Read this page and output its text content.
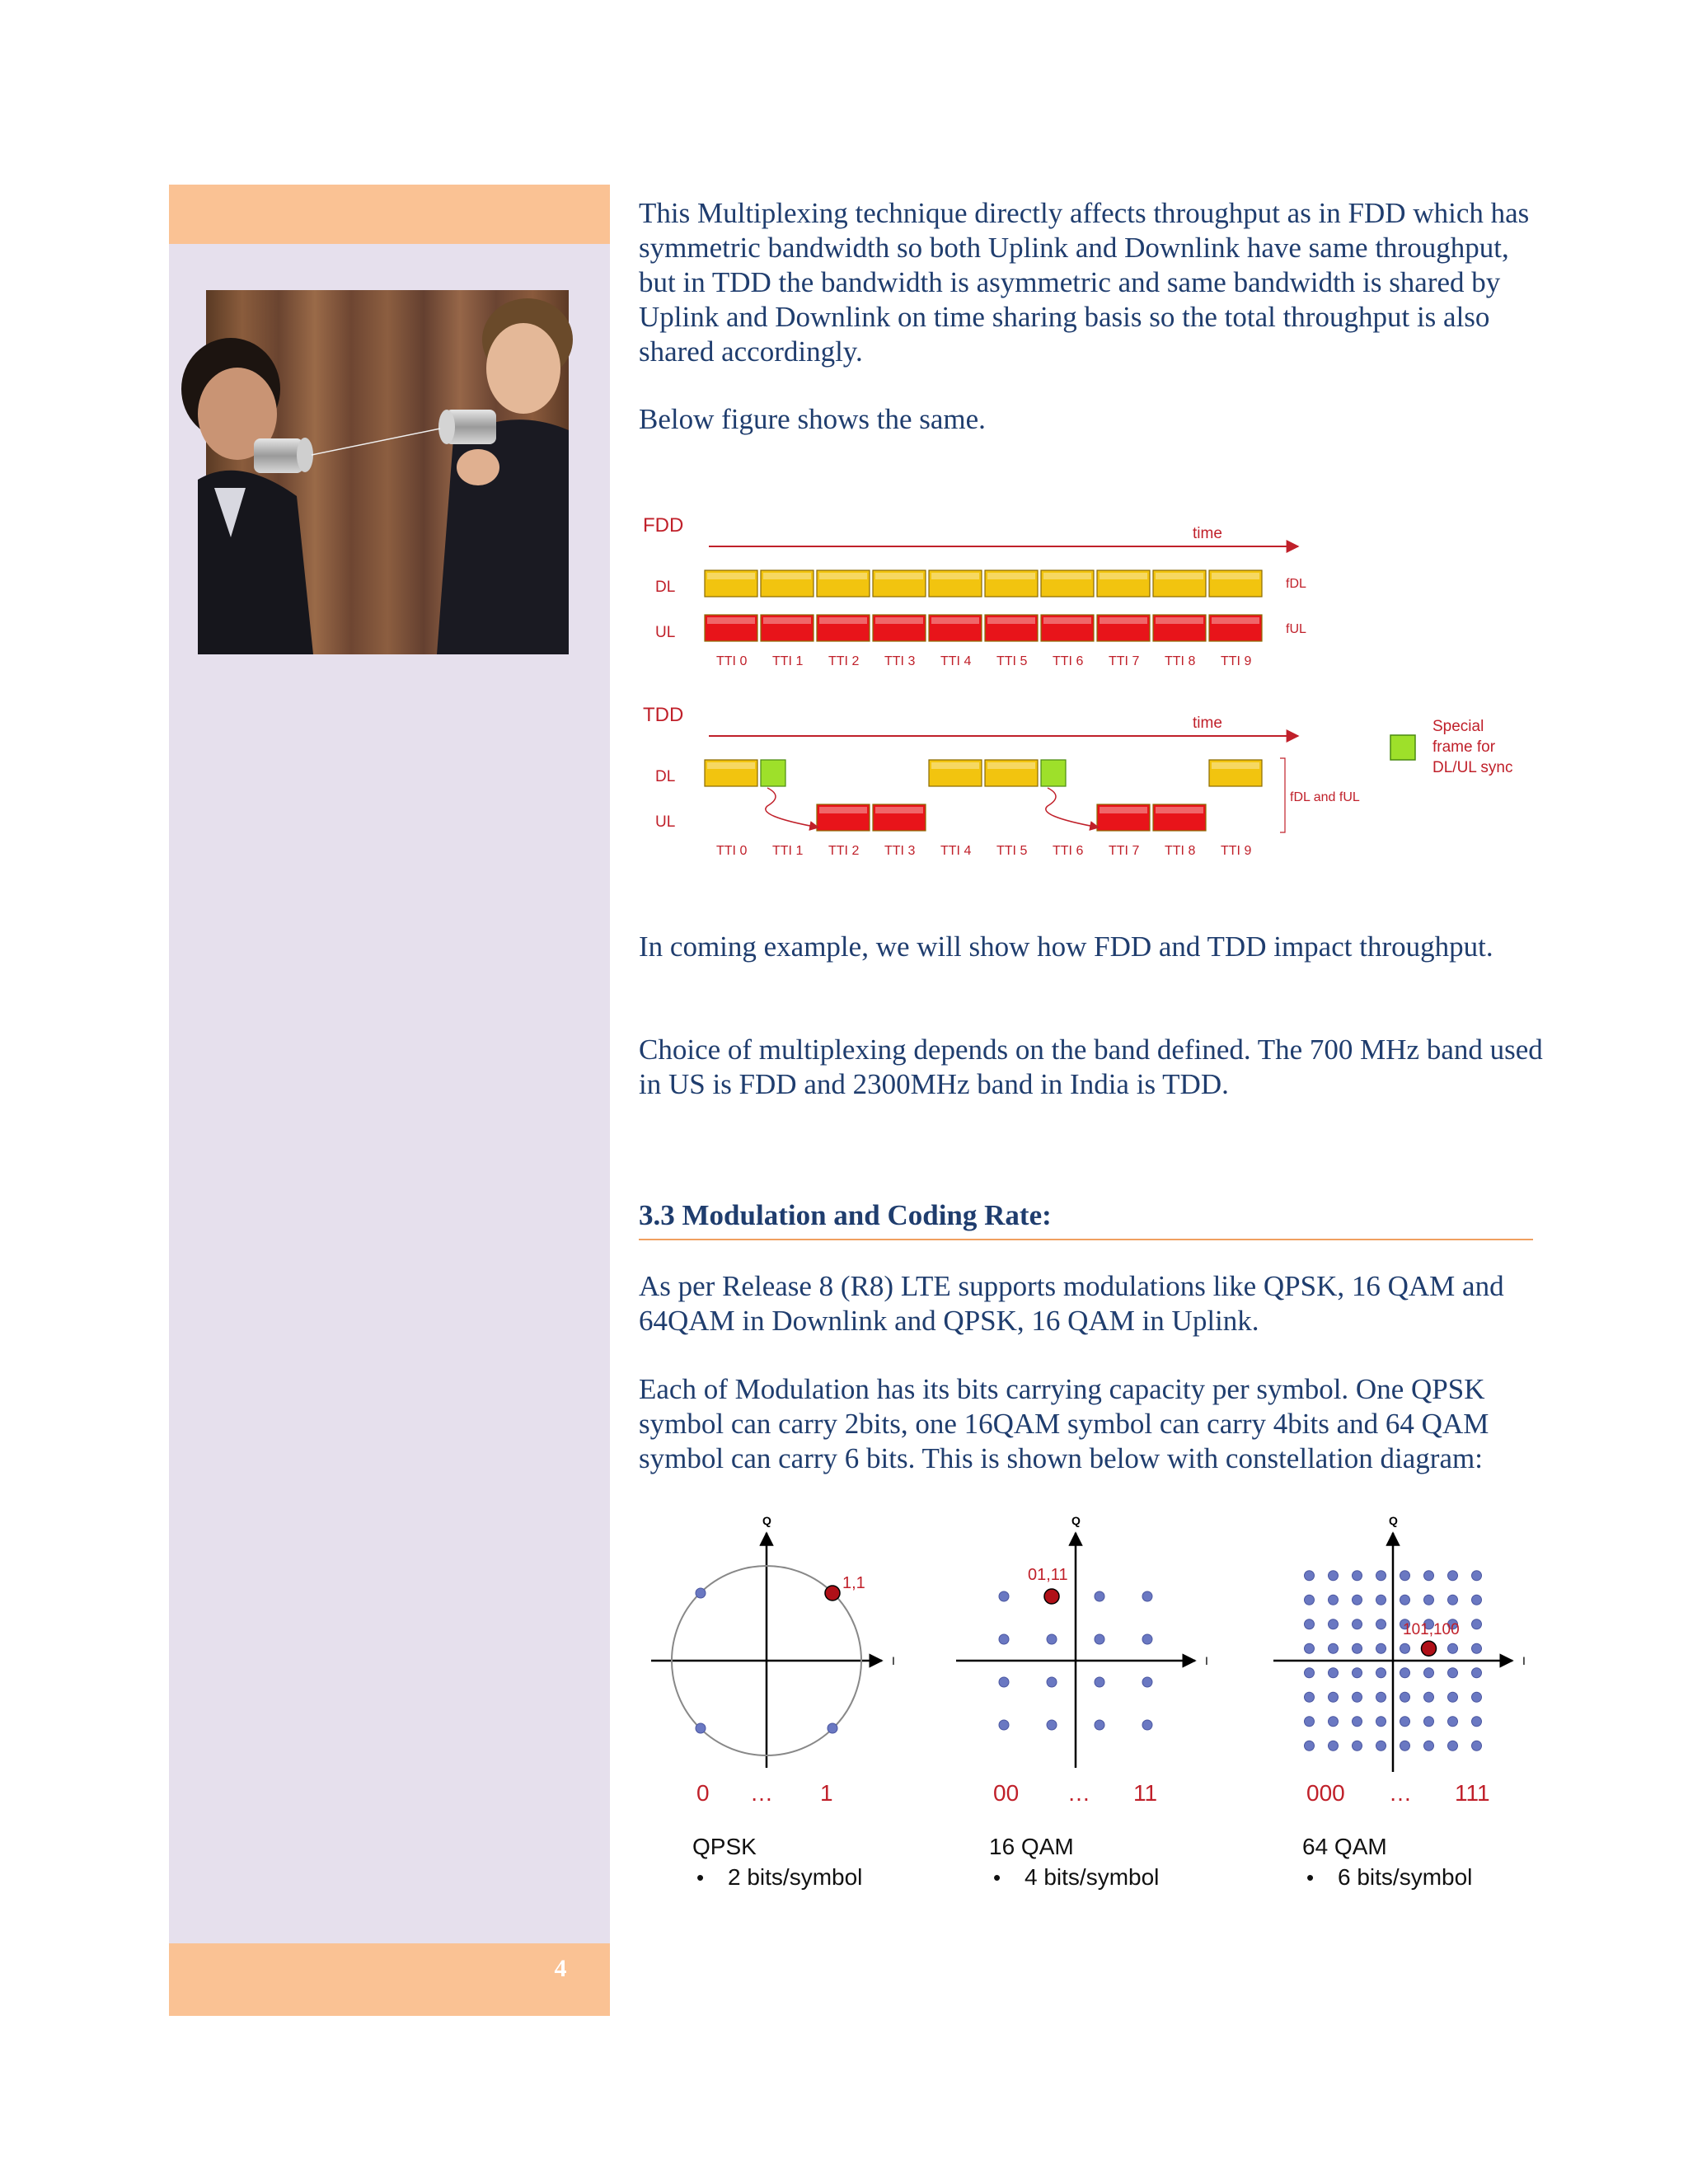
4

This Multiplexing technique directly affects throughput as in FDD which has symmetric bandwidth so both Uplink and Downlink have same throughput, but in TDD the bandwidth is asymmetric and same bandwidth is shared by Uplink and Downlink on time sharing basis so the total throughput is also shared accordingly.

Below figure shows the same.

FDD	time
DL
UL
TTI 0 TTI 1 TTI 2 TTI 3 TTI 4 TTI 5 TTI 6 TTI 7 TTI 8 TTI 9
fDL
fUL
TDD	time
DL
UL
TTI 0 TTI 1 TTI 2 TTI 3 TTI 4 TTI 5 TTI 6 TTI 7 TTI 8 TTI 9
fDL and fUL
Special
frame for
DL/UL sync

In coming example, we will show how FDD and TDD impact throughput.

Choice of multiplexing depends on the band defined. The 700 MHz band used in US is FDD and 2300MHz band in India is TDD.

3.3 Modulation and Coding Rate:

As per Release 8 (R8) LTE supports modulations like QPSK, 16 QAM and 64QAM in Downlink and QPSK, 16 QAM in Uplink.

Each of Modulation has its bits carrying capacity per symbol. One QPSK symbol can carry 2bits, one 16QAM symbol can carry 4bits and 64 QAM symbol can carry 6 bits. This is shown below with constellation diagram:

Q
I
1,1
0 … 1
QPSK
• 2 bits/symbol
Q
I
01,11
00 … 11
16 QAM
• 4 bits/symbol
Q
I
101,100
000 … 111
64 QAM
• 6 bits/symbol
